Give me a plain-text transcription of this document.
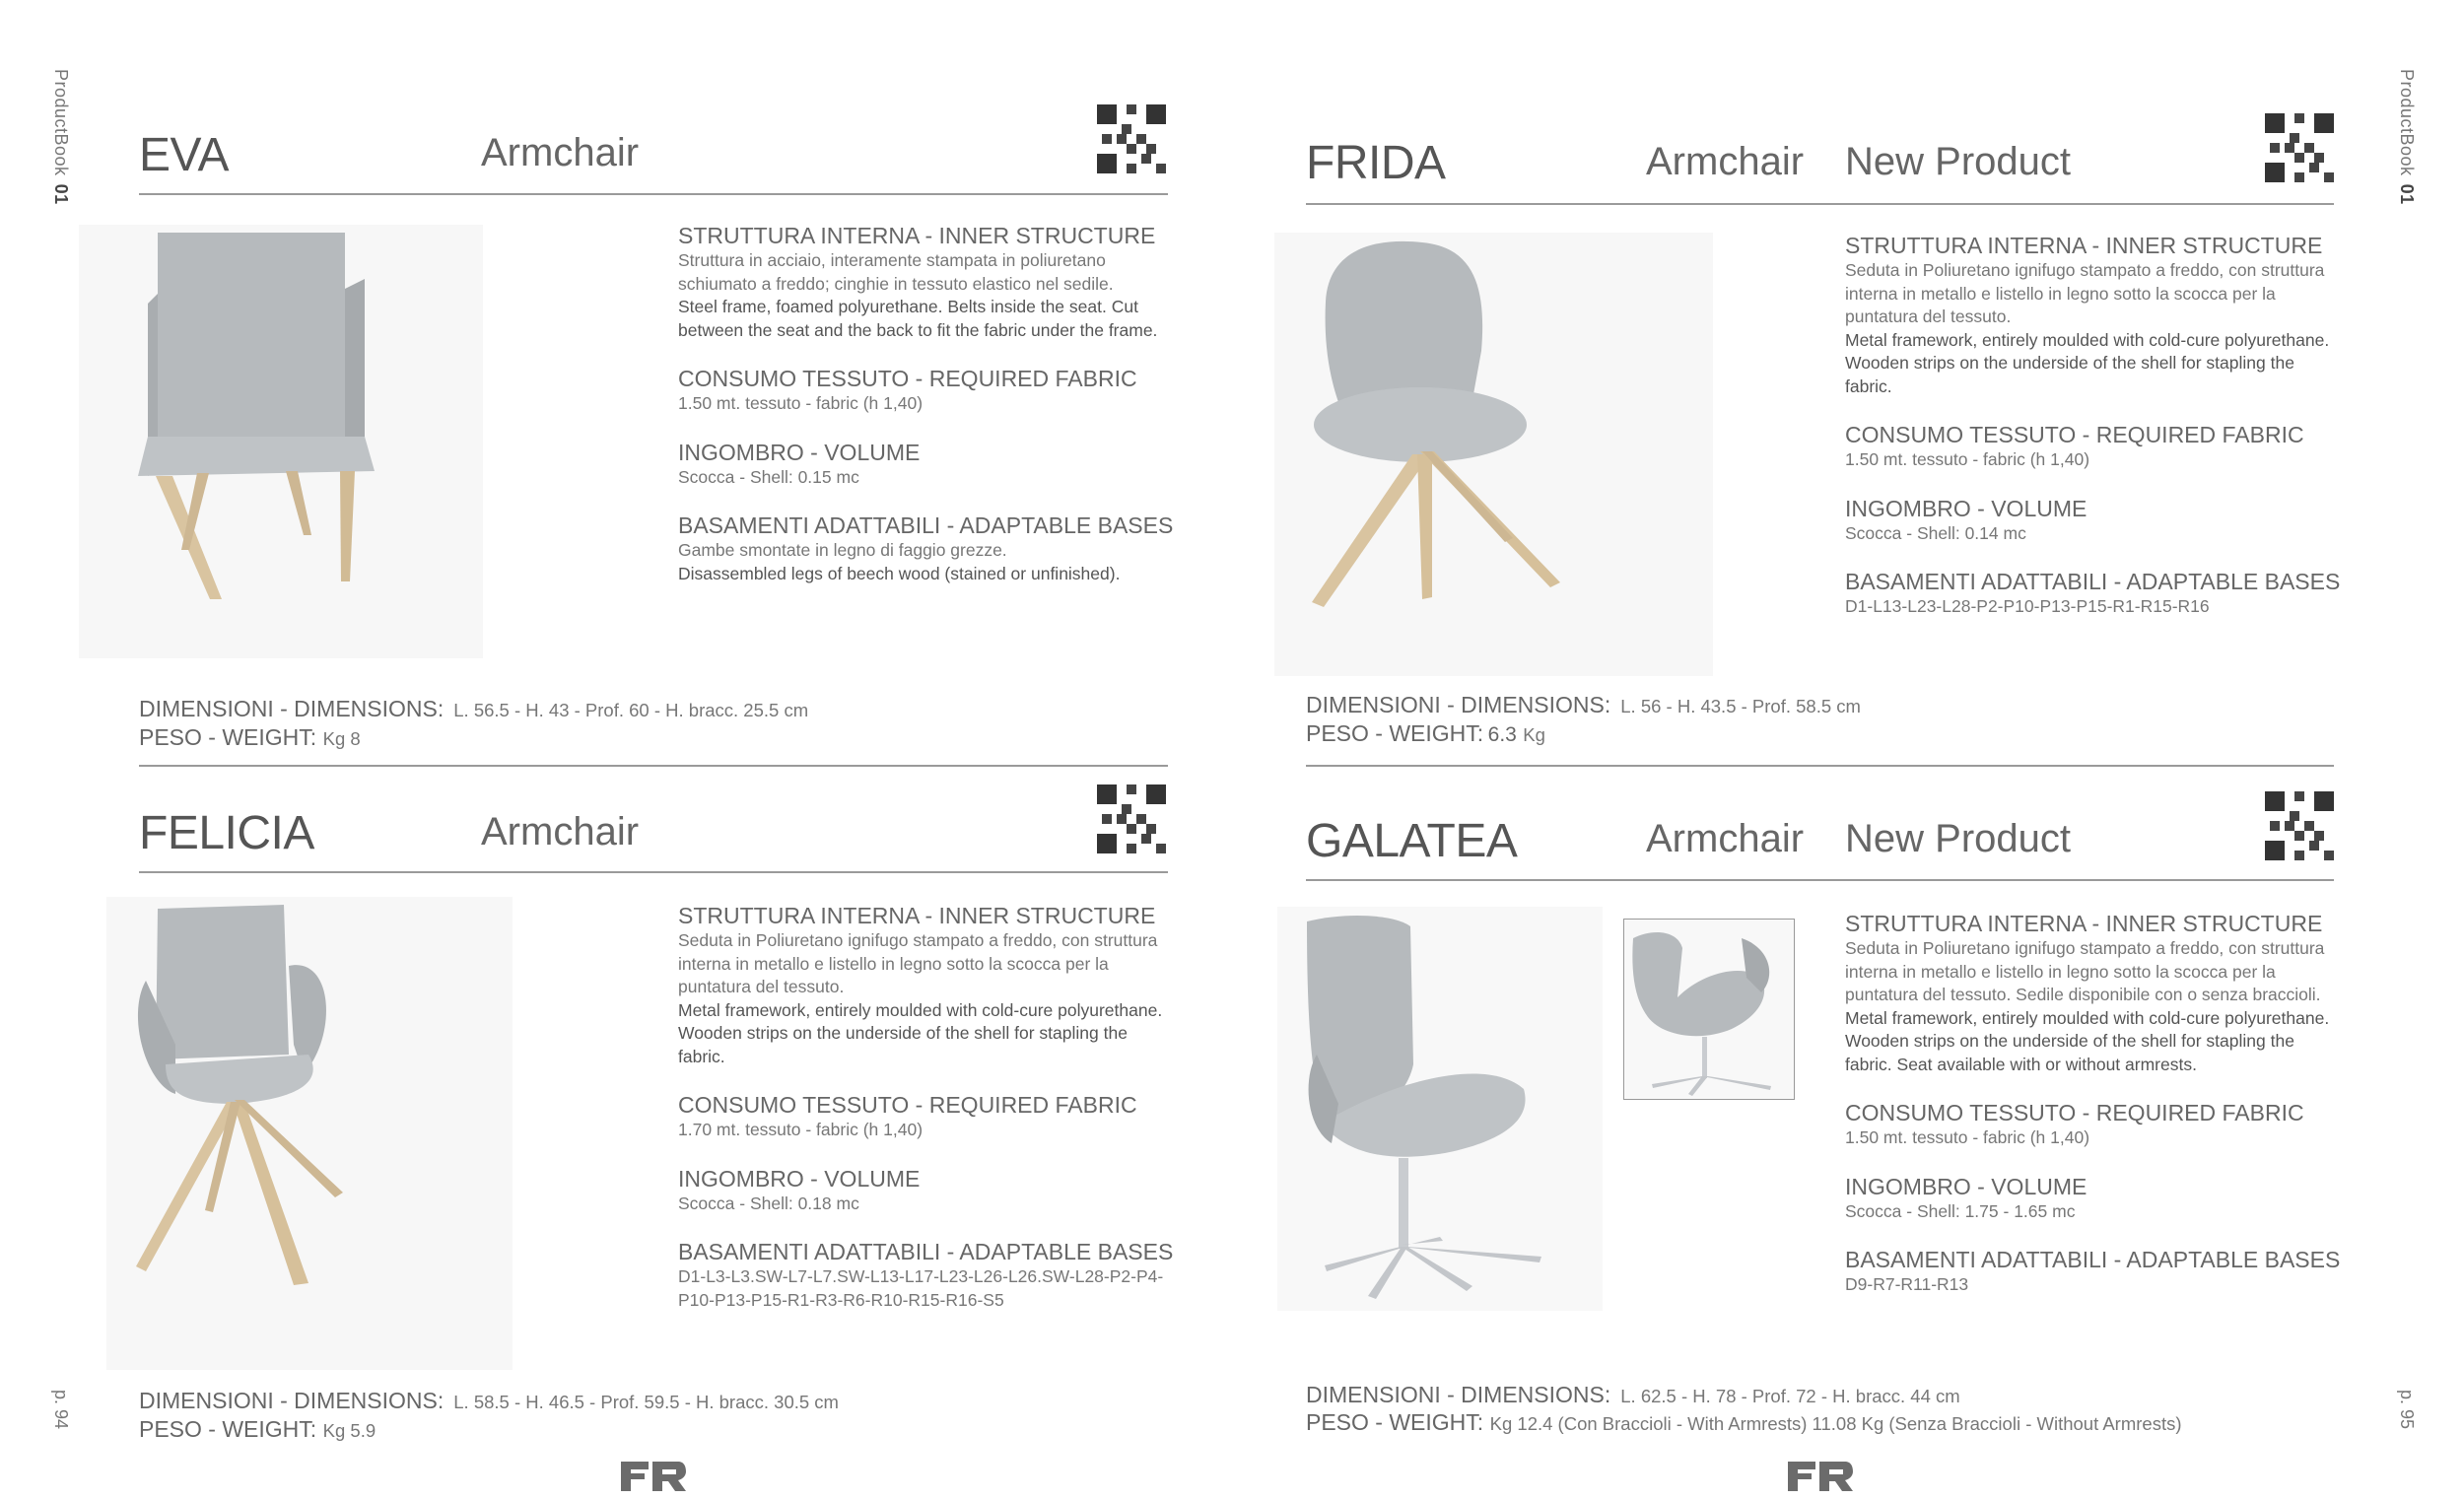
ProductBook01
ProductBook01
p. 94	p. 95
EVA	Armchair
STRUTTURA INTERNA - INNER STRUCTURE
Struttura in acciaio, interamente stampata in poliuretano schiumato a freddo; cinghie in tessuto elastico nel sedile.
Steel frame, foamed polyurethane. Belts inside the seat. Cut between the seat and the back to fit the fabric under the frame.
CONSUMO TESSUTO - REQUIRED FABRIC
1.50 mt. tessuto - fabric (h 1,40)
INGOMBRO - VOLUME
Scocca - Shell: 0.15 mc
BASAMENTI ADATTABILI - ADAPTABLE BASES
Gambe smontate in legno di faggio grezze.
Disassembled legs of beech wood (stained or unfinished).
DIMENSIONI - DIMENSIONS: L. 56.5 - H. 43 - Prof. 60 - H. bracc. 25.5 cm
PESO - WEIGHT: Kg 8
FELICIA	Armchair
STRUTTURA INTERNA - INNER STRUCTURE
Seduta in Poliuretano ignifugo stampato a freddo, con struttura interna in metallo e listello in legno sotto la scocca per la puntatura del tessuto.
Metal framework, entirely moulded with cold-cure polyurethane. Wooden strips on the underside of the shell for stapling the fabric.
CONSUMO TESSUTO - REQUIRED FABRIC
1.70 mt. tessuto - fabric (h 1,40)
INGOMBRO - VOLUME
Scocca - Shell: 0.18 mc
BASAMENTI ADATTABILI - ADAPTABLE BASES
D1-L3-L3.SW-L7-L7.SW-L13-L17-L23-L26-L26.SW-L28-P2-P4-P10-P13-P15-R1-R3-R6-R10-R15-R16-S5
DIMENSIONI - DIMENSIONS: L. 58.5 - H. 46.5 - Prof. 59.5 - H. bracc. 30.5 cm
PESO - WEIGHT: Kg 5.9
FRIDA	Armchair New Product
STRUTTURA INTERNA - INNER STRUCTURE
Seduta in Poliuretano ignifugo stampato a freddo, con struttura interna in metallo e listello in legno sotto la scocca per la puntatura del tessuto.
Metal framework, entirely moulded with cold-cure polyurethane. Wooden strips on the underside of the shell for stapling the fabric.
CONSUMO TESSUTO - REQUIRED FABRIC
1.50 mt. tessuto - fabric (h 1,40)
INGOMBRO - VOLUME
Scocca - Shell: 0.14 mc
BASAMENTI ADATTABILI - ADAPTABLE BASES
D1-L13-L23-L28-P2-P10-P13-P15-R1-R15-R16
DIMENSIONI - DIMENSIONS: L. 56 - H. 43.5 - Prof. 58.5 cm
PESO - WEIGHT: 6.3 Kg
GALATEA	Armchair New Product
STRUTTURA INTERNA - INNER STRUCTURE
Seduta in Poliuretano ignifugo stampato a freddo, con struttura interna in metallo e listello in legno sotto la scocca per la puntatura del tessuto. Sedile disponibile con o senza braccioli.
Metal framework, entirely moulded with cold-cure polyurethane. Wooden strips on the underside of the shell for stapling the fabric. Seat available with or without armrests.
CONSUMO TESSUTO - REQUIRED FABRIC
1.50 mt. tessuto - fabric (h 1,40)
INGOMBRO - VOLUME
Scocca - Shell: 1.75 - 1.65 mc
BASAMENTI ADATTABILI - ADAPTABLE BASES
D9-R7-R11-R13
DIMENSIONI - DIMENSIONS: L. 62.5 - H. 78 - Prof. 72 - H. bracc. 44 cm
PESO - WEIGHT: Kg 12.4 (Con Braccioli - With Armrests) 11.08 Kg (Senza Braccioli - Without Armrests)
